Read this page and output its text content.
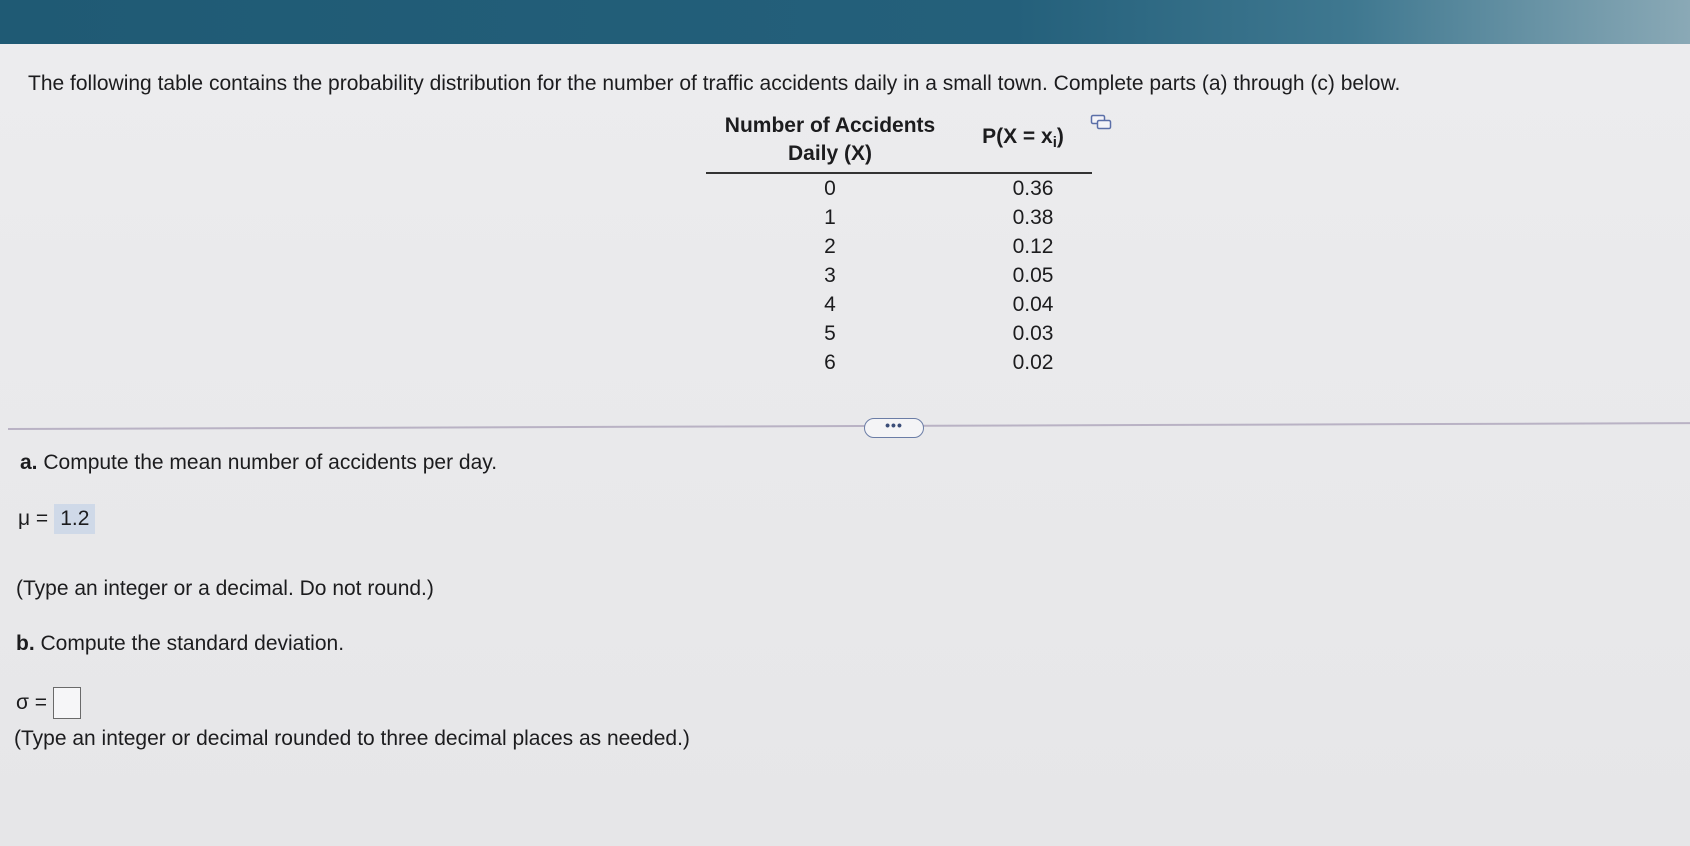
The following table contains the probability distribution for the number of traffic accidents daily in a small town. Complete parts (a) through (c) below.
Number of Accidents
Daily (X)	$P(X = x_i)$
0	0.36
1	0.38
2	0.12
3	0.05
4	0.04
5	0.03
6	0.02
•••
a. Compute the mean number of accidents per day.
μ = 1.2
(Type an integer or a decimal. Do not round.)
b. Compute the standard deviation.
σ =
(Type an integer or decimal rounded to three decimal places as needed.)
